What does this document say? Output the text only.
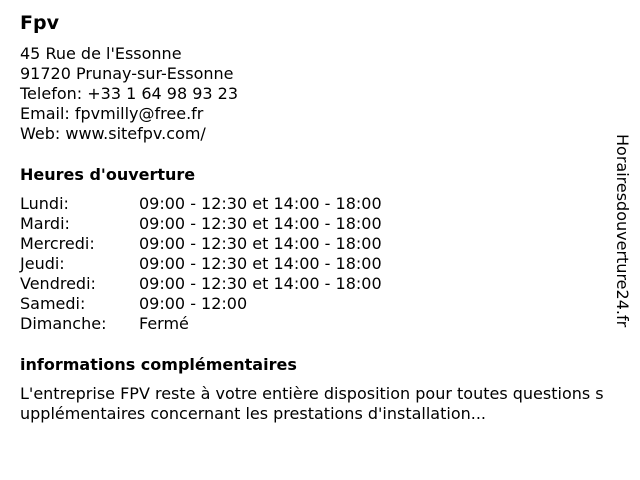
Fpv
45 Rue de l'Essonne
91720 Prunay-sur-Essonne
Telefon: +33 1 64 98 93 23
Email: fpvmilly@free.fr
Web: www.sitefpv.com/
Heures d'ouverture
Lundi:	09:00 - 12:30 et 14:00 - 18:00
Mardi:	09:00 - 12:30 et 14:00 - 18:00
Mercredi:	09:00 - 12:30 et 14:00 - 18:00
Jeudi:	09:00 - 12:30 et 14:00 - 18:00
Vendredi:	09:00 - 12:30 et 14:00 - 18:00
Samedi:	09:00 - 12:00
Dimanche:	Fermé
informations complémentaires
L'entreprise FPV reste à votre entière disposition pour toutes questions supplémentaires concernant les prestations d'installation...
Horairesdouverture24.fr
